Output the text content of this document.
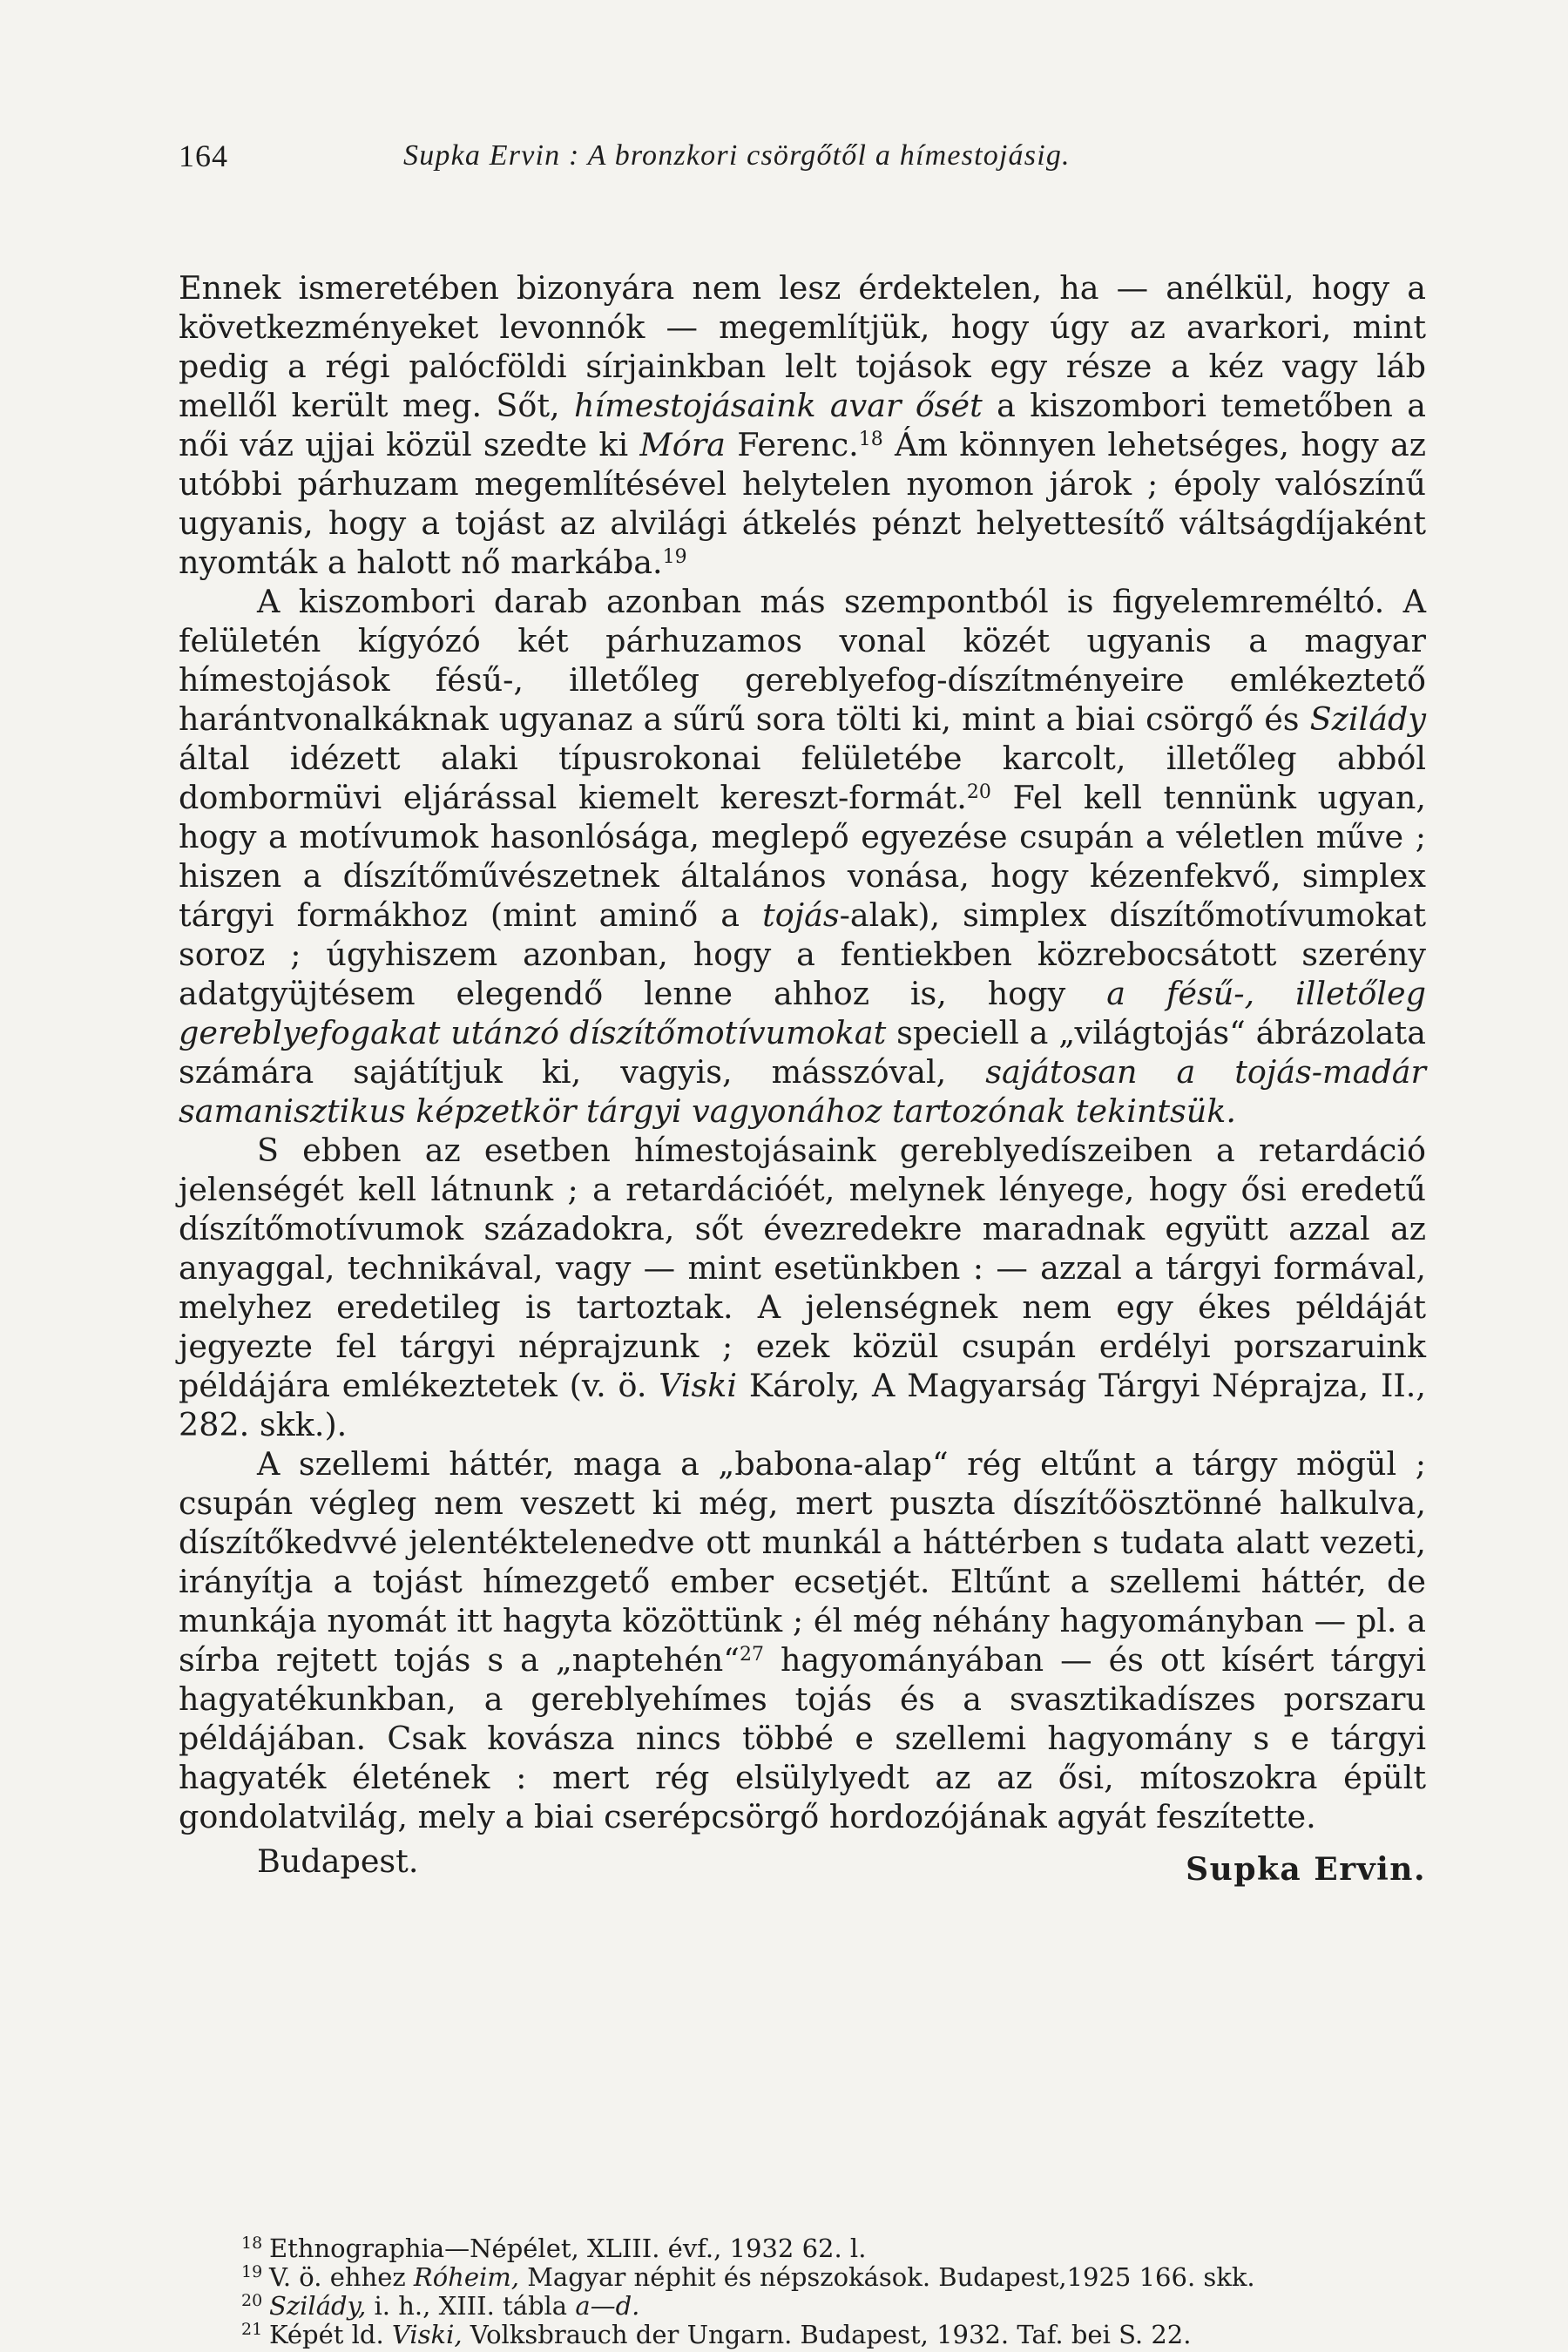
164	Supka Ervin : A bronzkori csörgőtől a hímestojásig.

Ennek ismeretében bizonyára nem lesz érdektelen, ha — anélkül, hogy a következményeket levonnók — megemlítjük, hogy úgy az avarkori, mint pedig a régi palócföldi sírjainkban lelt tojások egy része a kéz vagy láb mellől került meg. Sőt, hímestojásaink avar ősét a kiszombori temetőben a női váz ujjai közül szedte ki Móra Ferenc.$^{18}$ Ám könnyen lehetséges, hogy az utóbbi párhuzam megemlítésével helytelen nyomon járok ; époly valószínű ugyanis, hogy a tojást az alvilági átkelés pénzt helyettesítő váltságdíjaként nyomták a halott nő markába.$^{19}$

A kiszombori darab azonban más szempontból is figyelemreméltó. A felületén kígyózó két párhuzamos vonal közét ugyanis a magyar hímestojások fésű-, illetőleg gereblyefog-díszítményeire emlékeztető harántvonalkáknak ugyanaz a sűrű sora tölti ki, mint a biai csörgő és Szilády által idézett alaki típusrokonai felületébe karcolt, illetőleg abból dombormüvi eljárással kiemelt kereszt-formát.$^{20}$ Fel kell tennünk ugyan, hogy a motívumok hasonlósága, meglepő egyezése csupán a véletlen műve ; hiszen a díszítőművészetnek általános vonása, hogy kézenfekvő, simplex tárgyi formákhoz (mint aminő a tojás-alak), simplex díszítőmotívumokat soroz ; úgyhiszem azonban, hogy a fentiekben közrebocsátott szerény adatgyüjtésem elegendő lenne ahhoz is, hogy a fésű-, illetőleg gereblyefogakat utánzó díszítőmotívumokat speciell a „világtojás“ ábrázolata számára sajátítjuk ki, vagyis, másszóval, sajátosan a tojás-madár samanisztikus képzetkör tárgyi vagyonához tartozónak tekintsük.

S ebben az esetben hímestojásaink gereblyedíszeiben a retardáció jelenségét kell látnunk ; a retardációét, melynek lényege, hogy ősi eredetű díszítőmotívumok századokra, sőt évezredekre maradnak együtt azzal az anyaggal, technikával, vagy — mint esetünkben : — azzal a tárgyi formával, melyhez eredetileg is tartoztak. A jelenségnek nem egy ékes példáját jegyezte fel tárgyi néprajzunk ; ezek közül csupán erdélyi porszaruink példájára emlékeztetek (v. ö. Viski Károly, A Magyarság Tárgyi Néprajza, II., 282. skk.).

A szellemi háttér, maga a „babona-alap“ rég eltűnt a tárgy mögül ; csupán végleg nem veszett ki még, mert puszta díszítőösztönné halkulva, díszítőkedvvé jelentéktelenedve ott munkál a háttérben s tudata alatt vezeti, irányítja a tojást hímezgető ember ecsetjét. Eltűnt a szellemi háttér, de munkája nyomát itt hagyta közöttünk ; él még néhány hagyományban — pl. a sírba rejtett tojás s a „naptehén“$^{27}$ hagyományában — és ott kísért tárgyi hagyatékunkban, a gereblyehímes tojás és a svasztikadíszes porszaru példájában. Csak kovásza nincs többé e szellemi hagyomány s e tárgyi hagyaték életének : mert rég elsülylyedt az az ősi, mítoszokra épült gondolatvilág, mely a biai cserépcsörgő hordozójának agyát feszítette.

Budapest.	Supka Ervin.

18 Ethnographia—Népélet, XLIII. évf., 1932 62. l.

19 V. ö. ehhez Róheim, Magyar néphit és népszokások. Budapest,1925 166. skk.

20 Szilády, i. h., XIII. tábla a—d.

21 Képét ld. Viski, Volksbrauch der Ungarn. Budapest, 1932. Taf. bei S. 22.
